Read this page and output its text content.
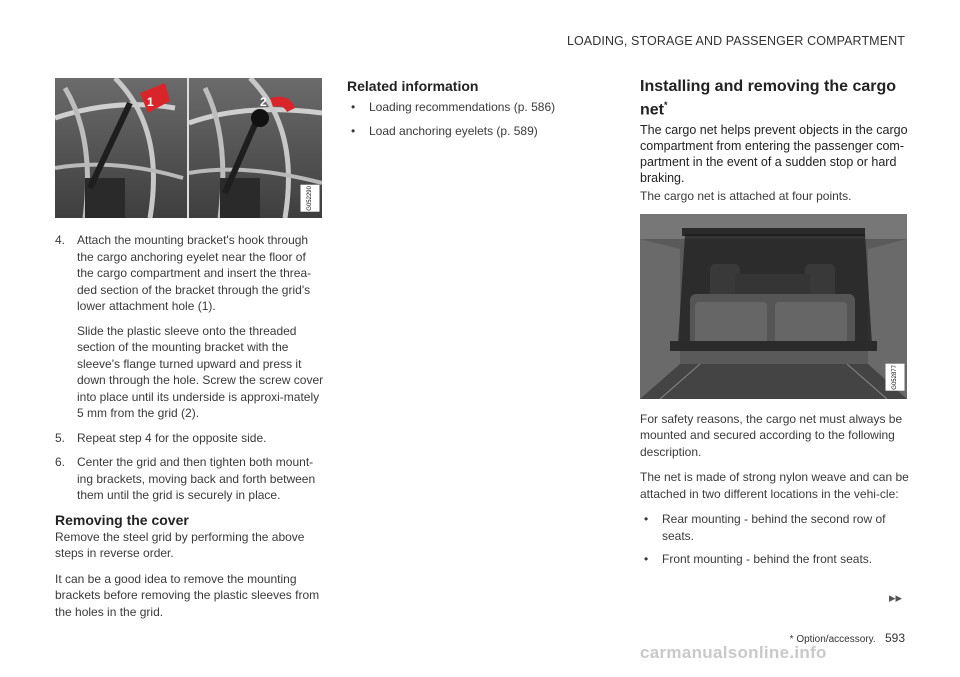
LOADING, STORAGE AND PASSENGER COMPARTMENT
1	2
G052290
4. Attach the mounting bracket's hook through the cargo anchoring eyelet near the floor of the cargo compartment and insert the threa-ded section of the bracket through the grid's lower attachment hole (1).

Slide the plastic sleeve onto the threaded section of the mounting bracket with the sleeve's flange turned upward and press it down through the hole. Screw the screw cover into place until its underside is approxi-mately 5 mm from the grid (2).

5. Repeat step 4 for the opposite side.

6. Center the grid and then tighten both mount-ing brackets, moving back and forth between them until the grid is securely in place.

Removing the cover

Remove the steel grid by performing the above steps in reverse order.

It can be a good idea to remove the mounting brackets before removing the plastic sleeves from the holes in the grid.

Related information
• Loading recommendations (p. 586)
• Load anchoring eyelets (p. 589)
Installing and removing the cargo net*

The cargo net helps prevent objects in the cargo compartment from entering the passenger com-partment in the event of a sudden stop or hard braking.

The cargo net is attached at four points.

G052877

For safety reasons, the cargo net must always be mounted and secured according to the following description.

The net is made of strong nylon weave and can be attached in two different locations in the vehi-cle:

• Rear mounting - behind the second row of seats.
• Front mounting - behind the front seats.
▸▸
* Option/accessory. 593
carmanualsonline.info
